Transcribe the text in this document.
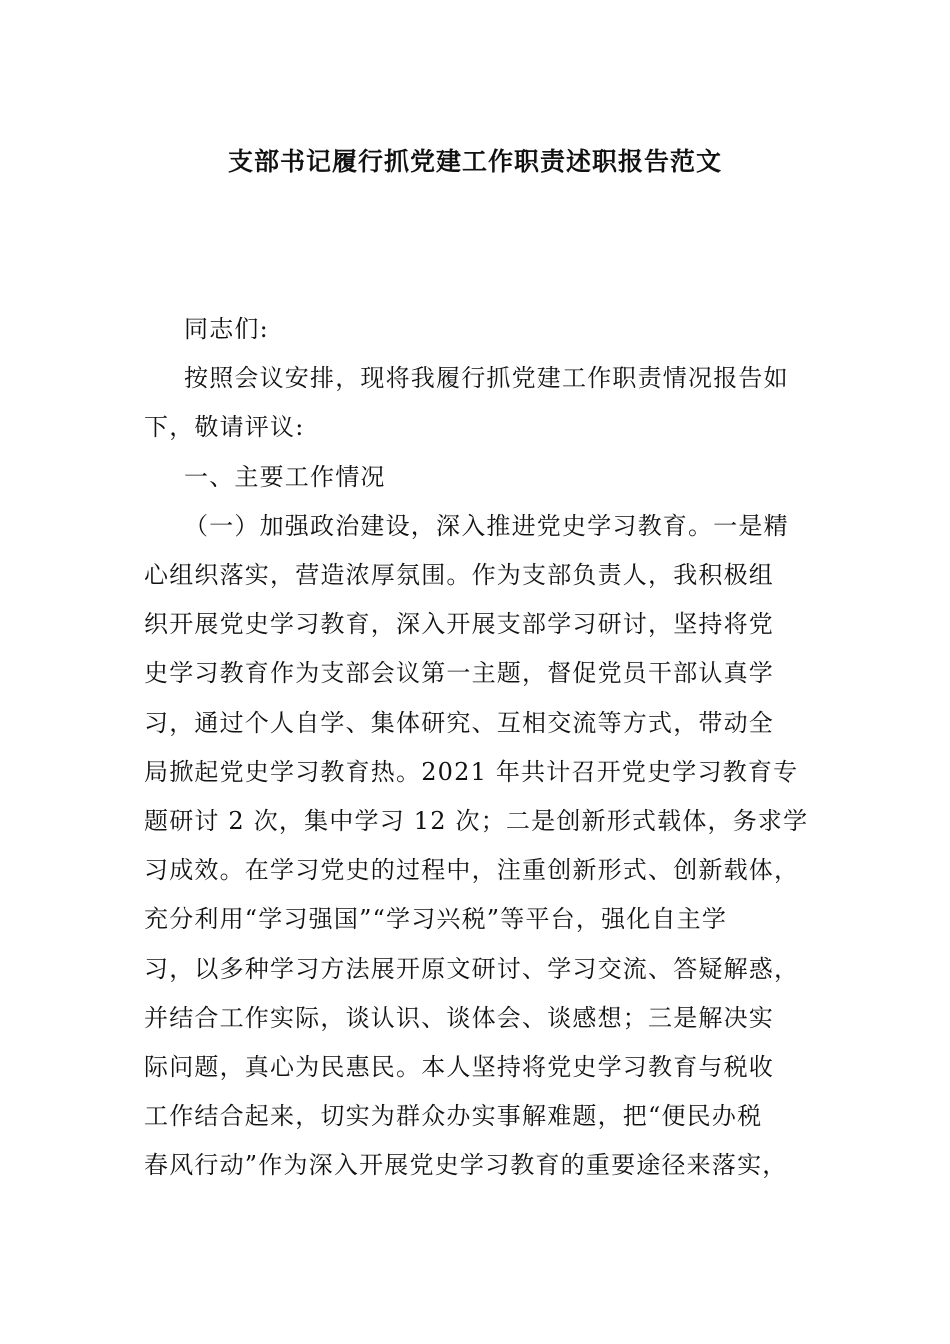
支部书记履行抓党建工作职责述职报告范文
同志们:
按照会议安排，现将我履行抓党建工作职责情况报告如
下，敬请评议:
一、主要工作情况
（一）加强政治建设，深入推进党史学习教育。一是精
心组织落实，营造浓厚氛围。作为支部负责人，我积极组
织开展党史学习教育，深入开展支部学习研讨，坚持将党
史学习教育作为支部会议第一主题，督促党员干部认真学
习，通过个人自学、集体研究、互相交流等方式，带动全
局掀起党史学习教育热。2021 年共计召开党史学习教育专
题研讨 2 次，集中学习 12 次；二是创新形式载体，务求学
习成效。在学习党史的过程中，注重创新形式、创新载体，
充分利用“学习强国”“学习兴税”等平台，强化自主学
习，以多种学习方法展开原文研讨、学习交流、答疑解惑，
并结合工作实际，谈认识、谈体会、谈感想；三是解决实
际问题，真心为民惠民。本人坚持将党史学习教育与税收
工作结合起来，切实为群众办实事解难题，把“便民办税
春风行动”作为深入开展党史学习教育的重要途径来落实，
